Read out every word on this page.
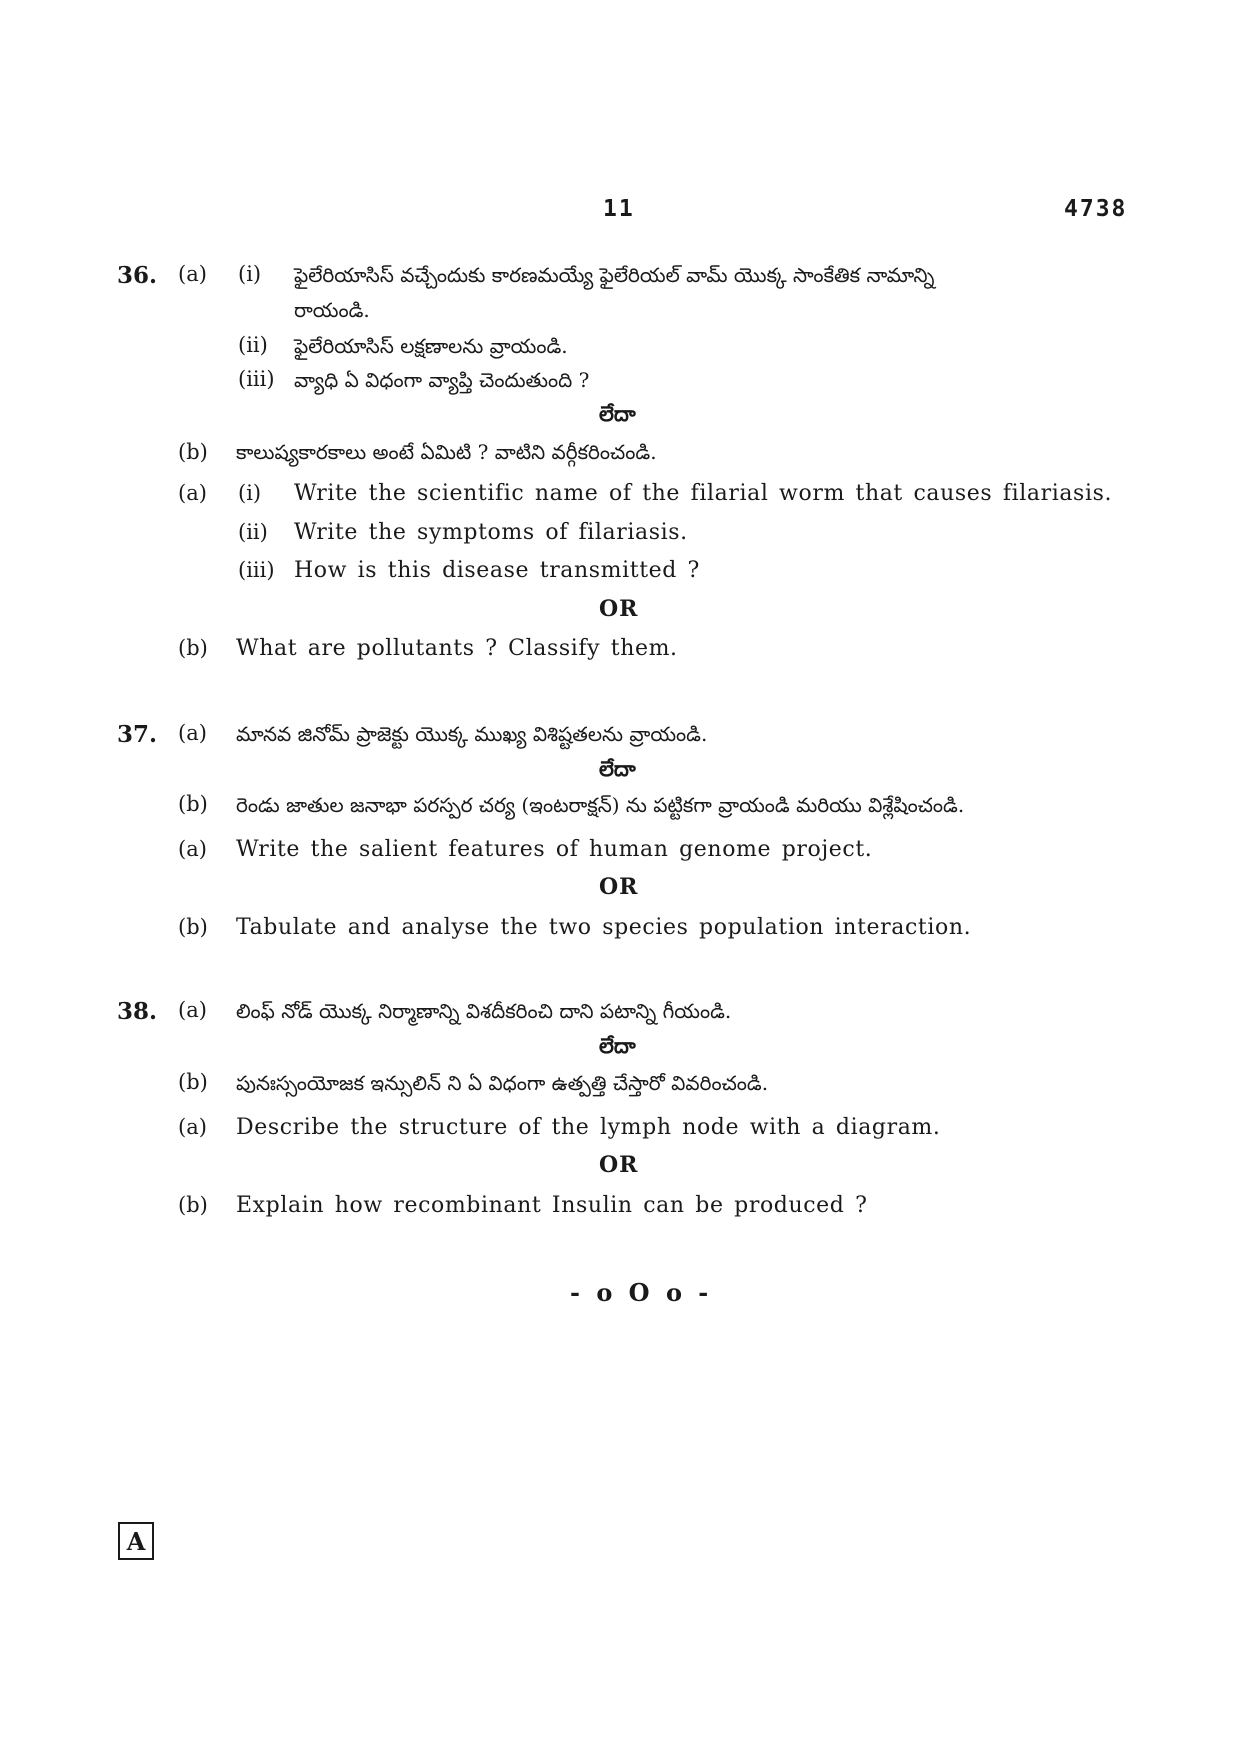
11	4738
36. (a) (i) ఫైలేరియాసిస్ వచ్చేందుకు కారణమయ్యే ఫైలేరియల్ వామ్ యొక్క సాంకేతిక నామాన్ని
రాయండి.
(ii) ఫైలేరియాసిస్ లక్షణాలను వ్రాయండి.
(iii) వ్యాధి ఏ విధంగా వ్యాప్తి చెందుతుంది ?
లేదా
(b) కాలుష్యకారకాలు అంటే ఏమిటి ? వాటిని వర్గీకరించండి.
(a) (i) Write the scientific name of the filarial worm that causes filariasis.
(ii) Write the symptoms of filariasis.
(iii) How is this disease transmitted ?
OR
(b) What are pollutants ? Classify them.
37. (a) మానవ జినోమ్ ప్రాజెక్టు యొక్క ముఖ్య విశిష్టతలను వ్రాయండి.
లేదా
(b) రెండు జాతుల జనాభా పరస్పర చర్య (ఇంటరాక్షన్) ను పట్టికగా వ్రాయండి మరియు విశ్లేషించండి.
(a) Write the salient features of human genome project.
OR
(b) Tabulate and analyse the two species population interaction.
38. (a) లింఫ్ నోడ్ యొక్క నిర్మాణాన్ని విశదీకరించి దాని పటాన్ని గీయండి.
లేదా
(b) పునఃస్సంయోజక ఇన్సులిన్ ని ఏ విధంగా ఉత్పత్తి చేస్తారో వివరించండి.
(a) Describe the structure of the lymph node with a diagram.
OR
(b) Explain how recombinant Insulin can be produced ?
- o O o -
A
